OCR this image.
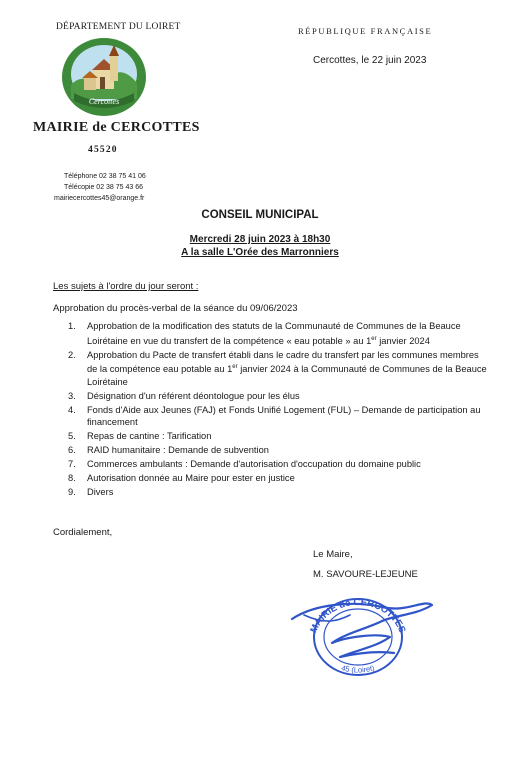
DÉPARTEMENT DU LOIRET	RÉPUBLIQUE FRANÇAISE
Cercottes, le 22 juin 2023
Cercottes
MAIRIE de CERCOTTES
45520
Téléphone 02 38 75 41 06
Télécopie 02 38 75 43 66
mairiecercottes45@orange.fr
CONSEIL MUNICIPAL
Mercredi 28 juin 2023 à 18h30
A la salle L'Orée des Marronniers
Les sujets à l'ordre du jour seront :
Approbation du procès-verbal de la séance du 09/06/2023
1.	Approbation de la modification des statuts de la Communauté de Communes de la Beauce Loirétaine en vue du transfert de la compétence « eau potable » au 1er janvier 2024
2.	Approbation du Pacte de transfert établi dans le cadre du transfert par les communes membres de la compétence eau potable au 1er janvier 2024 à la Communauté de Communes de la Beauce Loirétaine
3.	Désignation d'un référent déontologue pour les élus
4.	Fonds d'Aide aux Jeunes (FAJ) et Fonds Unifié Logement (FUL) – Demande de participation au financement
5.	Repas de cantine : Tarification
6.	RAID humanitaire : Demande de subvention
7.	Commerces ambulants : Demande d'autorisation d'occupation du domaine public
8.	Autorisation donnée au Maire pour ester en justice
9.	Divers
Cordialement,
Le Maire,
M. SAVOURE-LEJEUNE
MAIRIE de CERCOTTES
45 (Loiret)
